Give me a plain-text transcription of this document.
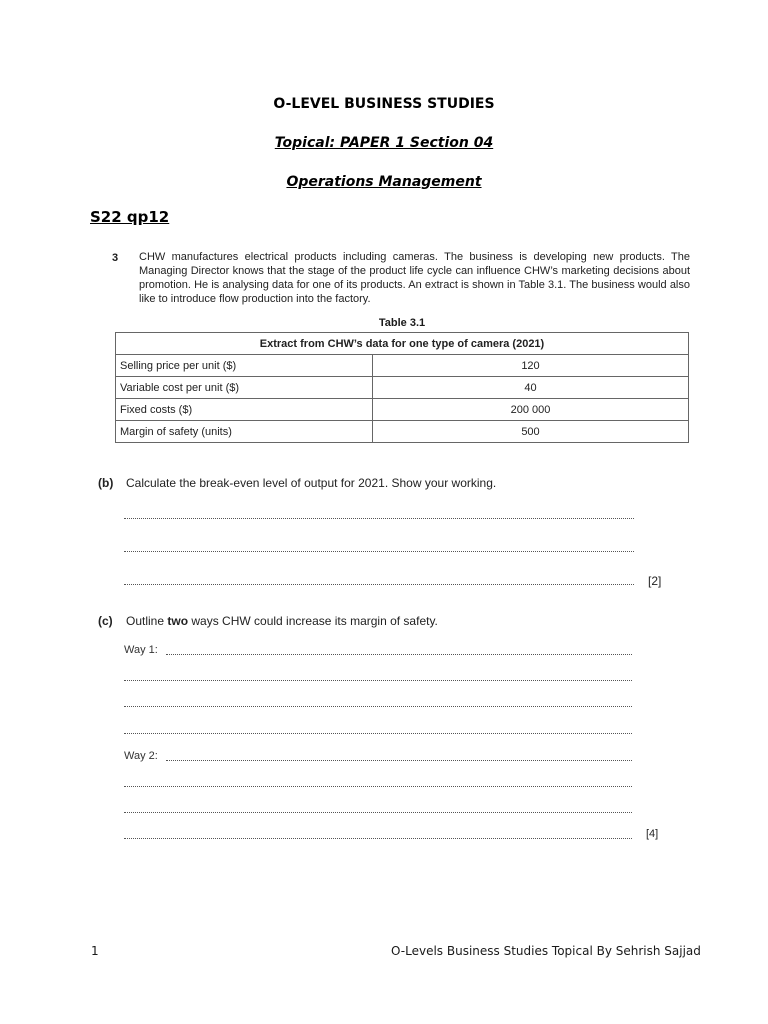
O-LEVEL BUSINESS STUDIES
Topical: PAPER 1 Section 04
Operations Management
S22 qp12
3 CHW manufactures electrical products including cameras. The business is developing new products. The Managing Director knows that the stage of the product life cycle can influence CHW’s marketing decisions about promotion. He is analysing data for one of its products. An extract is shown in Table 3.1. The business would also like to introduce flow production into the factory.
Table 3.1
Extract from CHW’s data for one type of camera (2021)	
Selling price per unit ($)	120
Variable cost per unit ($)	40
Fixed costs ($)	200 000
Margin of safety (units)	500
(b) Calculate the break-even level of output for 2021. Show your working.
[2]
(c) Outline two ways CHW could increase its margin of safety.
Way 1:
Way 2:
[4]
1	O-Levels Business Studies Topical By Sehrish Sajjad
